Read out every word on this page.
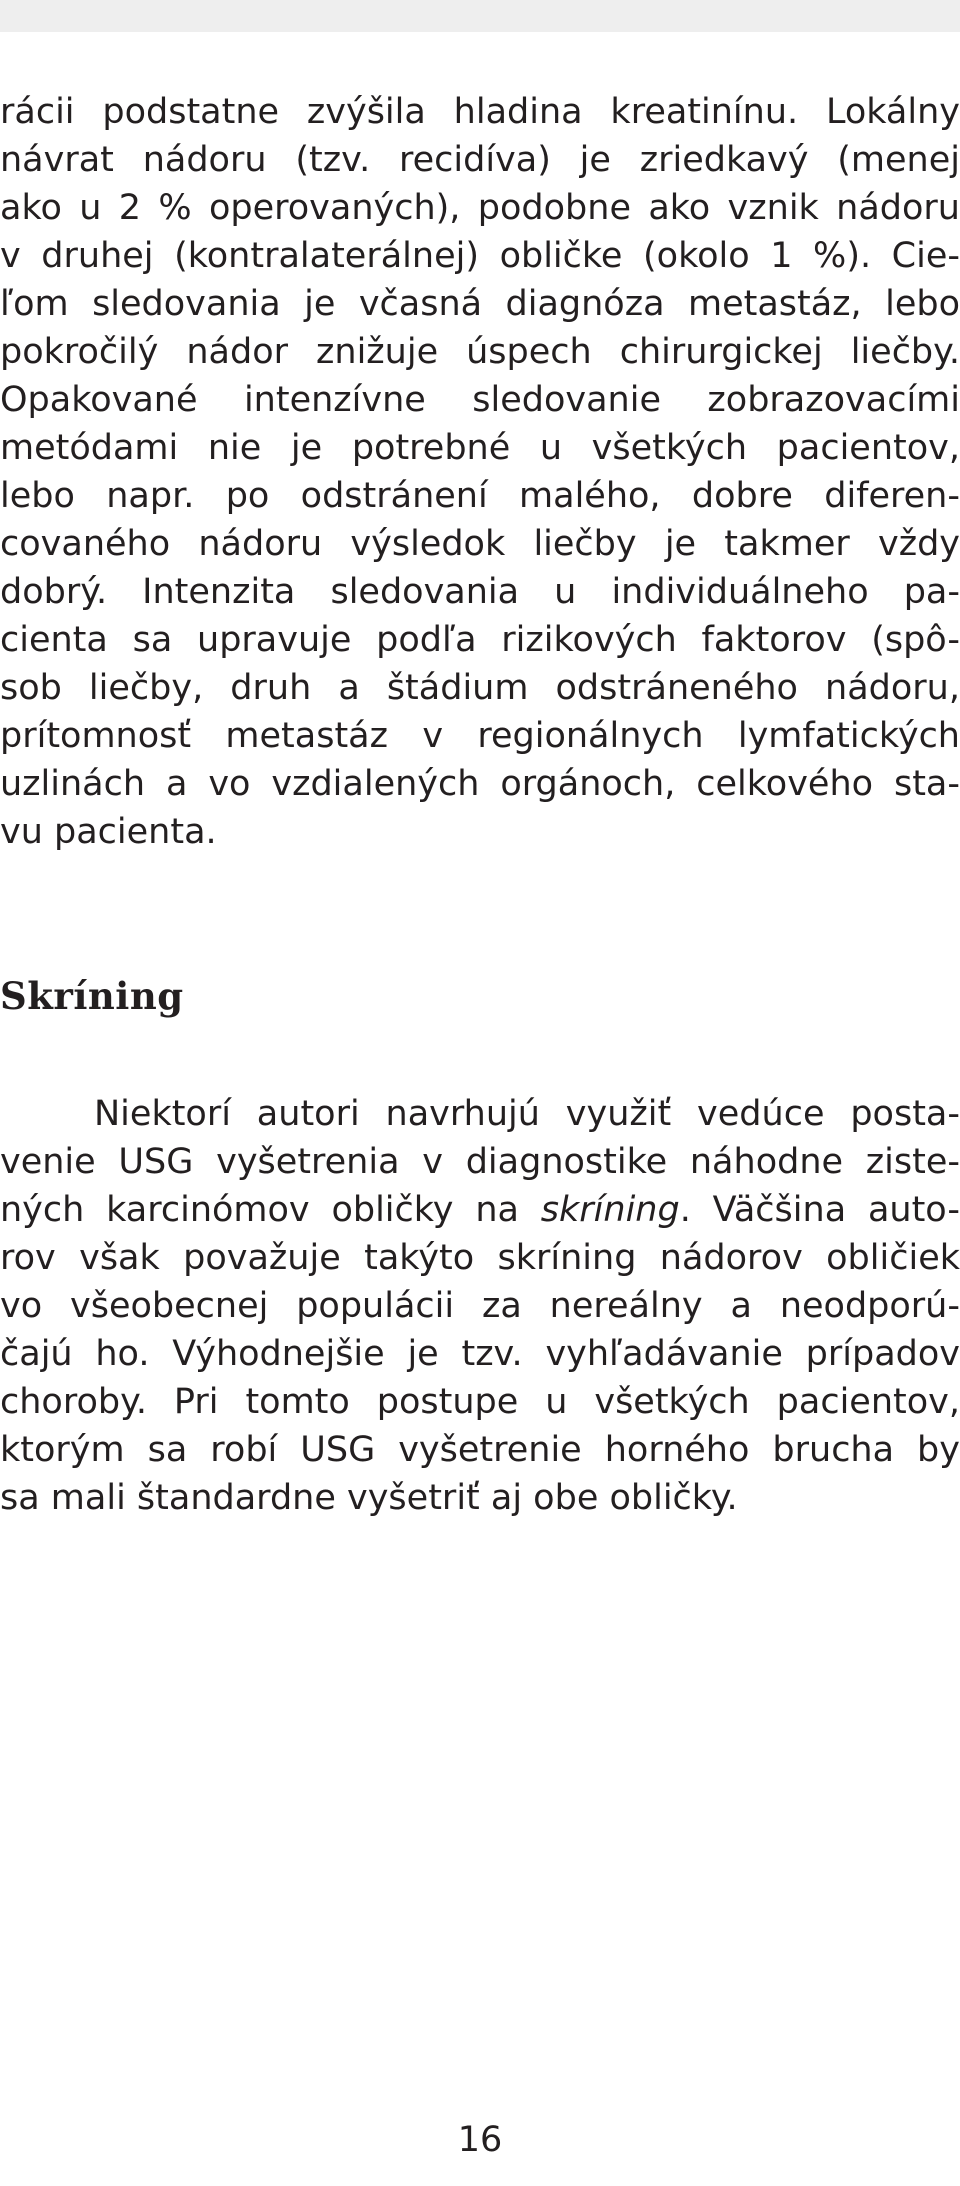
rácii podstatne zvýšila hladina kreatinínu. Lokálny
návrat nádoru (tzv. recidíva) je zriedkavý (menej
ako u 2 % operovaných), podobne ako vznik nádoru
v druhej (kontralaterálnej) obličke (okolo 1 %). Cie-
ľom sledovania je včasná diagnóza metastáz, lebo
pokročilý nádor znižuje úspech chirurgickej liečby.
Opakované intenzívne sledovanie zobrazovacími
metódami nie je potrebné u všetkých pacientov,
lebo napr. po odstránení malého, dobre diferen-
covaného nádoru výsledok liečby je takmer vždy
dobrý. Intenzita sledovania u individuálneho pa-
cienta sa upravuje podľa rizikových faktorov (spô-
sob liečby, druh a štádium odstráneného nádoru,
prítomnosť metastáz v regionálnych lymfatických
uzlinách a vo vzdialených orgánoch, celkového sta-
vu pacienta.
Skríning
Niektorí autori navrhujú využiť vedúce posta-
venie USG vyšetrenia v diagnostike náhodne ziste-
ných karcinómov obličky na skríning. Väčšina auto-
rov však považuje takýto skríning nádorov obličiek
vo všeobecnej populácii za nereálny a neodporú-
čajú ho. Výhodnejšie je tzv. vyhľadávanie prípadov
choroby. Pri tomto postupe u všetkých pacientov,
ktorým sa robí USG vyšetrenie horného brucha by
sa mali štandardne vyšetriť aj obe obličky.
16
